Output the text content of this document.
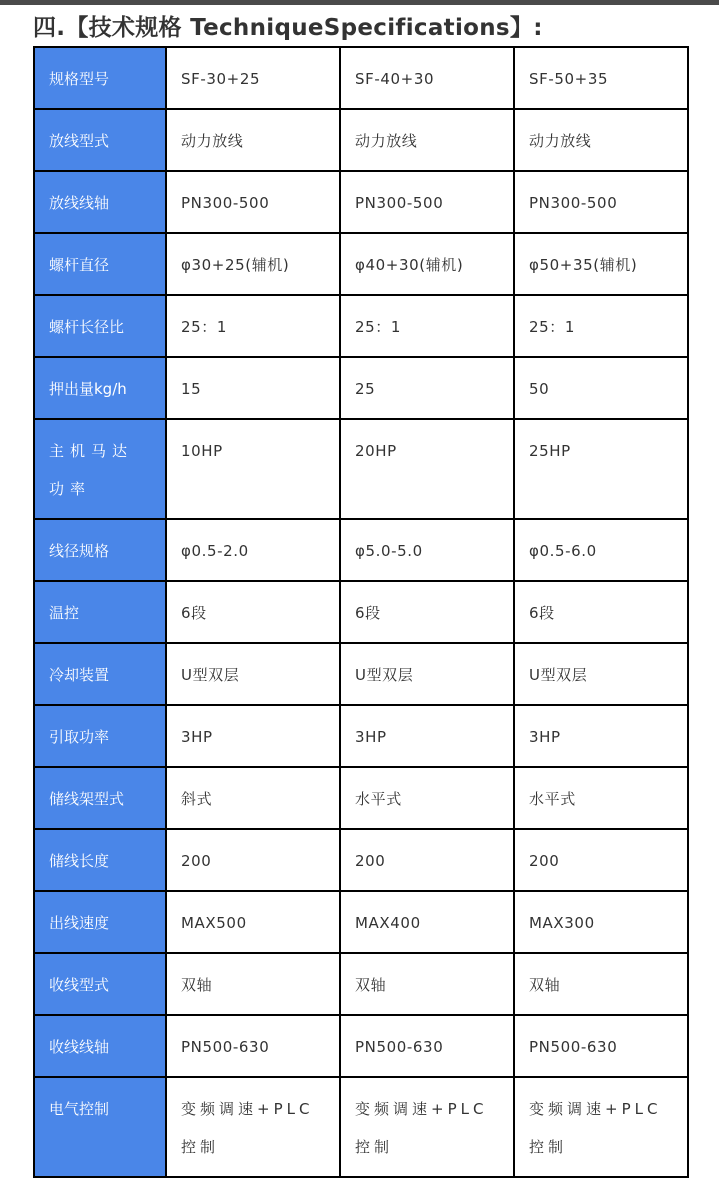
四.【技术规格 TechniqueSpecifications】:
规格型号	SF-30+25	SF-40+30	SF-50+35
放线型式	动力放线	动力放线	动力放线
放线线轴	PN300-500	PN300-500	PN300-500
螺杆直径	φ30+25(辅机)	φ40+30(辅机)	φ50+35(辅机)
螺杆长径比	25：1	25：1	25：1
押出量kg/h	15	25	50
主机马达功率	10HP	20HP	25HP
线径规格	φ0.5-2.0	φ5.0-5.0	φ0.5-6.0
温控	6段	6段	6段
冷却装置	U型双层	U型双层	U型双层
引取功率	3HP	3HP	3HP
储线架型式	斜式	水平式	水平式
储线长度	200	200	200
出线速度	MAX500	MAX400	MAX300
收线型式	双轴	双轴	双轴
收线线轴	PN500-630	PN500-630	PN500-630
电气控制	变频调速+PLC控制	变频调速+PLC控制	变频调速+PLC控制
